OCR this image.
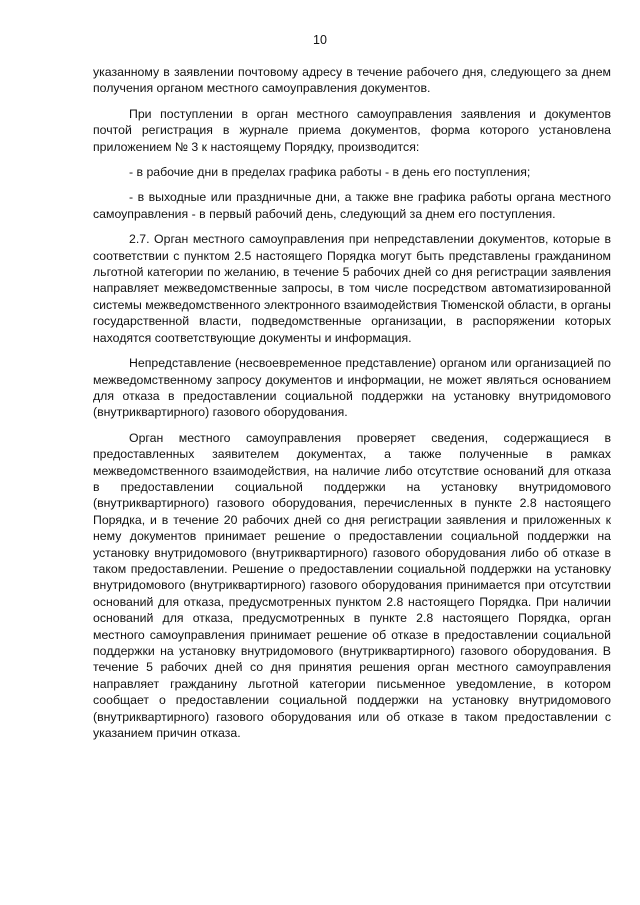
10

указанному в заявлении почтовому адресу в течение рабочего дня, следующего за днем получения органом местного самоуправления документов.

При поступлении в орган местного самоуправления заявления и документов почтой регистрация в журнале приема документов, форма которого установлена приложением № 3 к настоящему Порядку, производится:

- в рабочие дни в пределах графика работы - в день его поступления;

- в выходные или праздничные дни, а также вне графика работы органа местного самоуправления - в первый рабочий день, следующий за днем его поступления.

2.7. Орган местного самоуправления при непредставлении документов, которые в соответствии с пунктом 2.5 настоящего Порядка могут быть представлены гражданином льготной категории по желанию, в течение 5 рабочих дней со дня регистрации заявления направляет межведомственные запросы, в том числе посредством автоматизированной системы межведомственного электронного взаимодействия Тюменской области, в органы государственной власти, подведомственные организации, в распоряжении которых находятся соответствующие документы и информация.

Непредставление (несвоевременное представление) органом или организацией по межведомственному запросу документов и информации, не может являться основанием для отказа в предоставлении социальной поддержки на установку внутридомового (внутриквартирного) газового оборудования.

Орган местного самоуправления проверяет сведения, содержащиеся в предоставленных заявителем документах, а также полученные в рамках межведомственного взаимодействия, на наличие либо отсутствие оснований для отказа в предоставлении социальной поддержки на установку внутридомового (внутриквартирного) газового оборудования, перечисленных в пункте 2.8 настоящего Порядка, и в течение 20 рабочих дней со дня регистрации заявления и приложенных к нему документов принимает решение о предоставлении социальной поддержки на установку внутридомового (внутриквартирного) газового оборудования либо об отказе в таком предоставлении. Решение о предоставлении социальной поддержки на установку внутридомового (внутриквартирного) газового оборудования принимается при отсутствии оснований для отказа, предусмотренных пунктом 2.8 настоящего Порядка. При наличии оснований для отказа, предусмотренных в пункте 2.8 настоящего Порядка, орган местного самоуправления принимает решение об отказе в предоставлении социальной поддержки на установку внутридомового (внутриквартирного) газового оборудования. В течение 5 рабочих дней со дня принятия решения орган местного самоуправления направляет гражданину льготной категории письменное уведомление, в котором сообщает о предоставлении социальной поддержки на установку внутридомового (внутриквартирного) газового оборудования или об отказе в таком предоставлении с указанием причин отказа.
